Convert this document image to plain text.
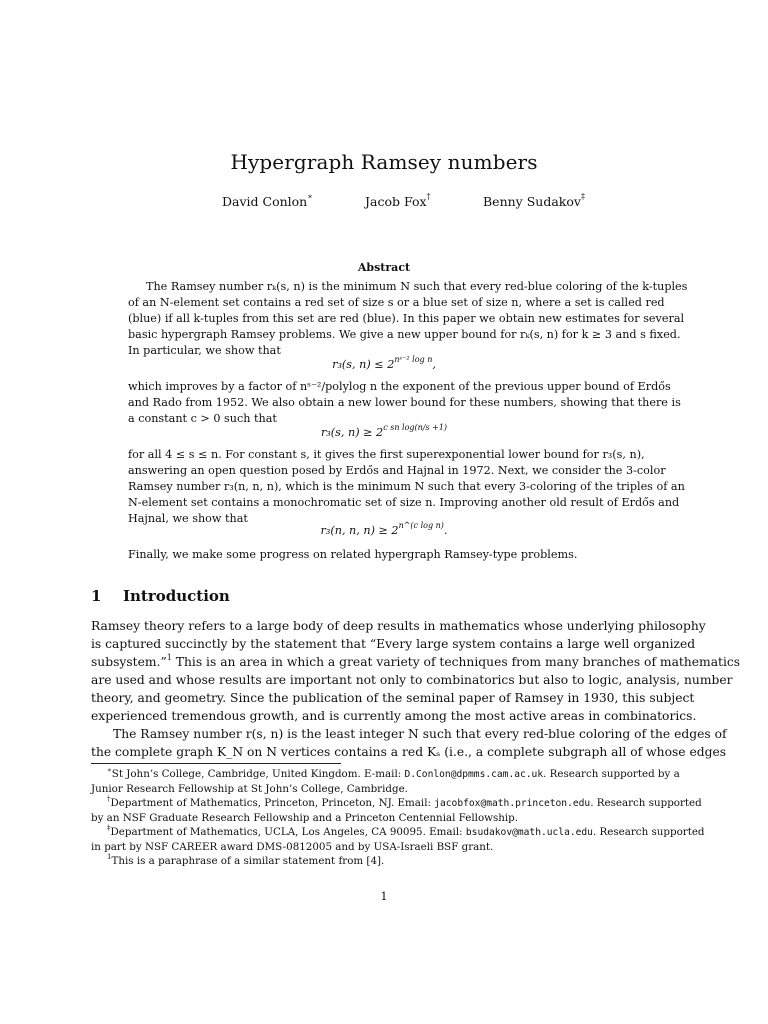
Hypergraph Ramsey numbers
David Conlon∗	Jacob Fox†	Benny Sudakov‡
Abstract
The Ramsey number rₖ(s, n) is the minimum N such that every red-blue coloring of the k-tuples
of an N-element set contains a red set of size s or a blue set of size n, where a set is called red
(blue) if all k-tuples from this set are red (blue). In this paper we obtain new estimates for several
basic hypergraph Ramsey problems. We give a new upper bound for rₖ(s, n) for k ≥ 3 and s fixed.
In particular, we show that
r₃(s, $n) \le 2^{nˢ^{-2} log n}$,
which improves by a factor of nˢ⁻²/polylog n the exponent of the previous upper bound of Erdős
and Rado from 1952. We also obtain a new lower bound for these numbers, showing that there is
a constant c > 0 such that
r₃(s, $n) \ge 2^{c sn log(n/s +1)}$
for all 4 ≤ s ≤ n. For constant s, it gives the first superexponential lower bound for r₃(s, n),
answering an open question posed by Erdős and Hajnal in 1972. Next, we consider the 3-color
Ramsey number r₃(n, n, n), which is the minimum N such that every 3-coloring of the triples of an
N-element set contains a monochromatic set of size n. Improving another old result of Erdős and
Hajnal, we show that
r₃(n, n, $n) \ge 2^{n\^{}(c log n)}$.
Finally, we make some progress on related hypergraph Ramsey-type problems.
1 Introduction
Ramsey theory refers to a large body of deep results in mathematics whose underlying philosophy
is captured succinctly by the statement that “Every large system contains a large well organized
subsystem.”$^1$ This is an area in which a great variety of techniques from many branches of mathematics
are used and whose results are important not only to combinatorics but also to logic, analysis, number
theory, and geometry. Since the publication of the seminal paper of Ramsey in 1930, this subject
experienced tremendous growth, and is currently among the most active areas in combinatorics.
The Ramsey number r(s, n) is the least integer N such that every red-blue coloring of the edges of
the complete graph K_N on N vertices contains a red Kₛ (i.e., a complete subgraph all of whose edges
∗St John’s College, Cambridge, United Kingdom. E-mail: D.Conlon@dpmms.cam.ac.uk. Research supported by a
Junior Research Fellowship at St John’s College, Cambridge.
†Department of Mathematics, Princeton, Princeton, NJ. Email: jacobfox@math.princeton.edu. Research supported
by an NSF Graduate Research Fellowship and a Princeton Centennial Fellowship.
‡Department of Mathematics, UCLA, Los Angeles, CA 90095. Email: bsudakov@math.ucla.edu. Research supported
in part by NSF CAREER award DMS-0812005 and by USA-Israeli BSF grant.
$^1$This is a paraphrase of a similar statement from [4].
1
